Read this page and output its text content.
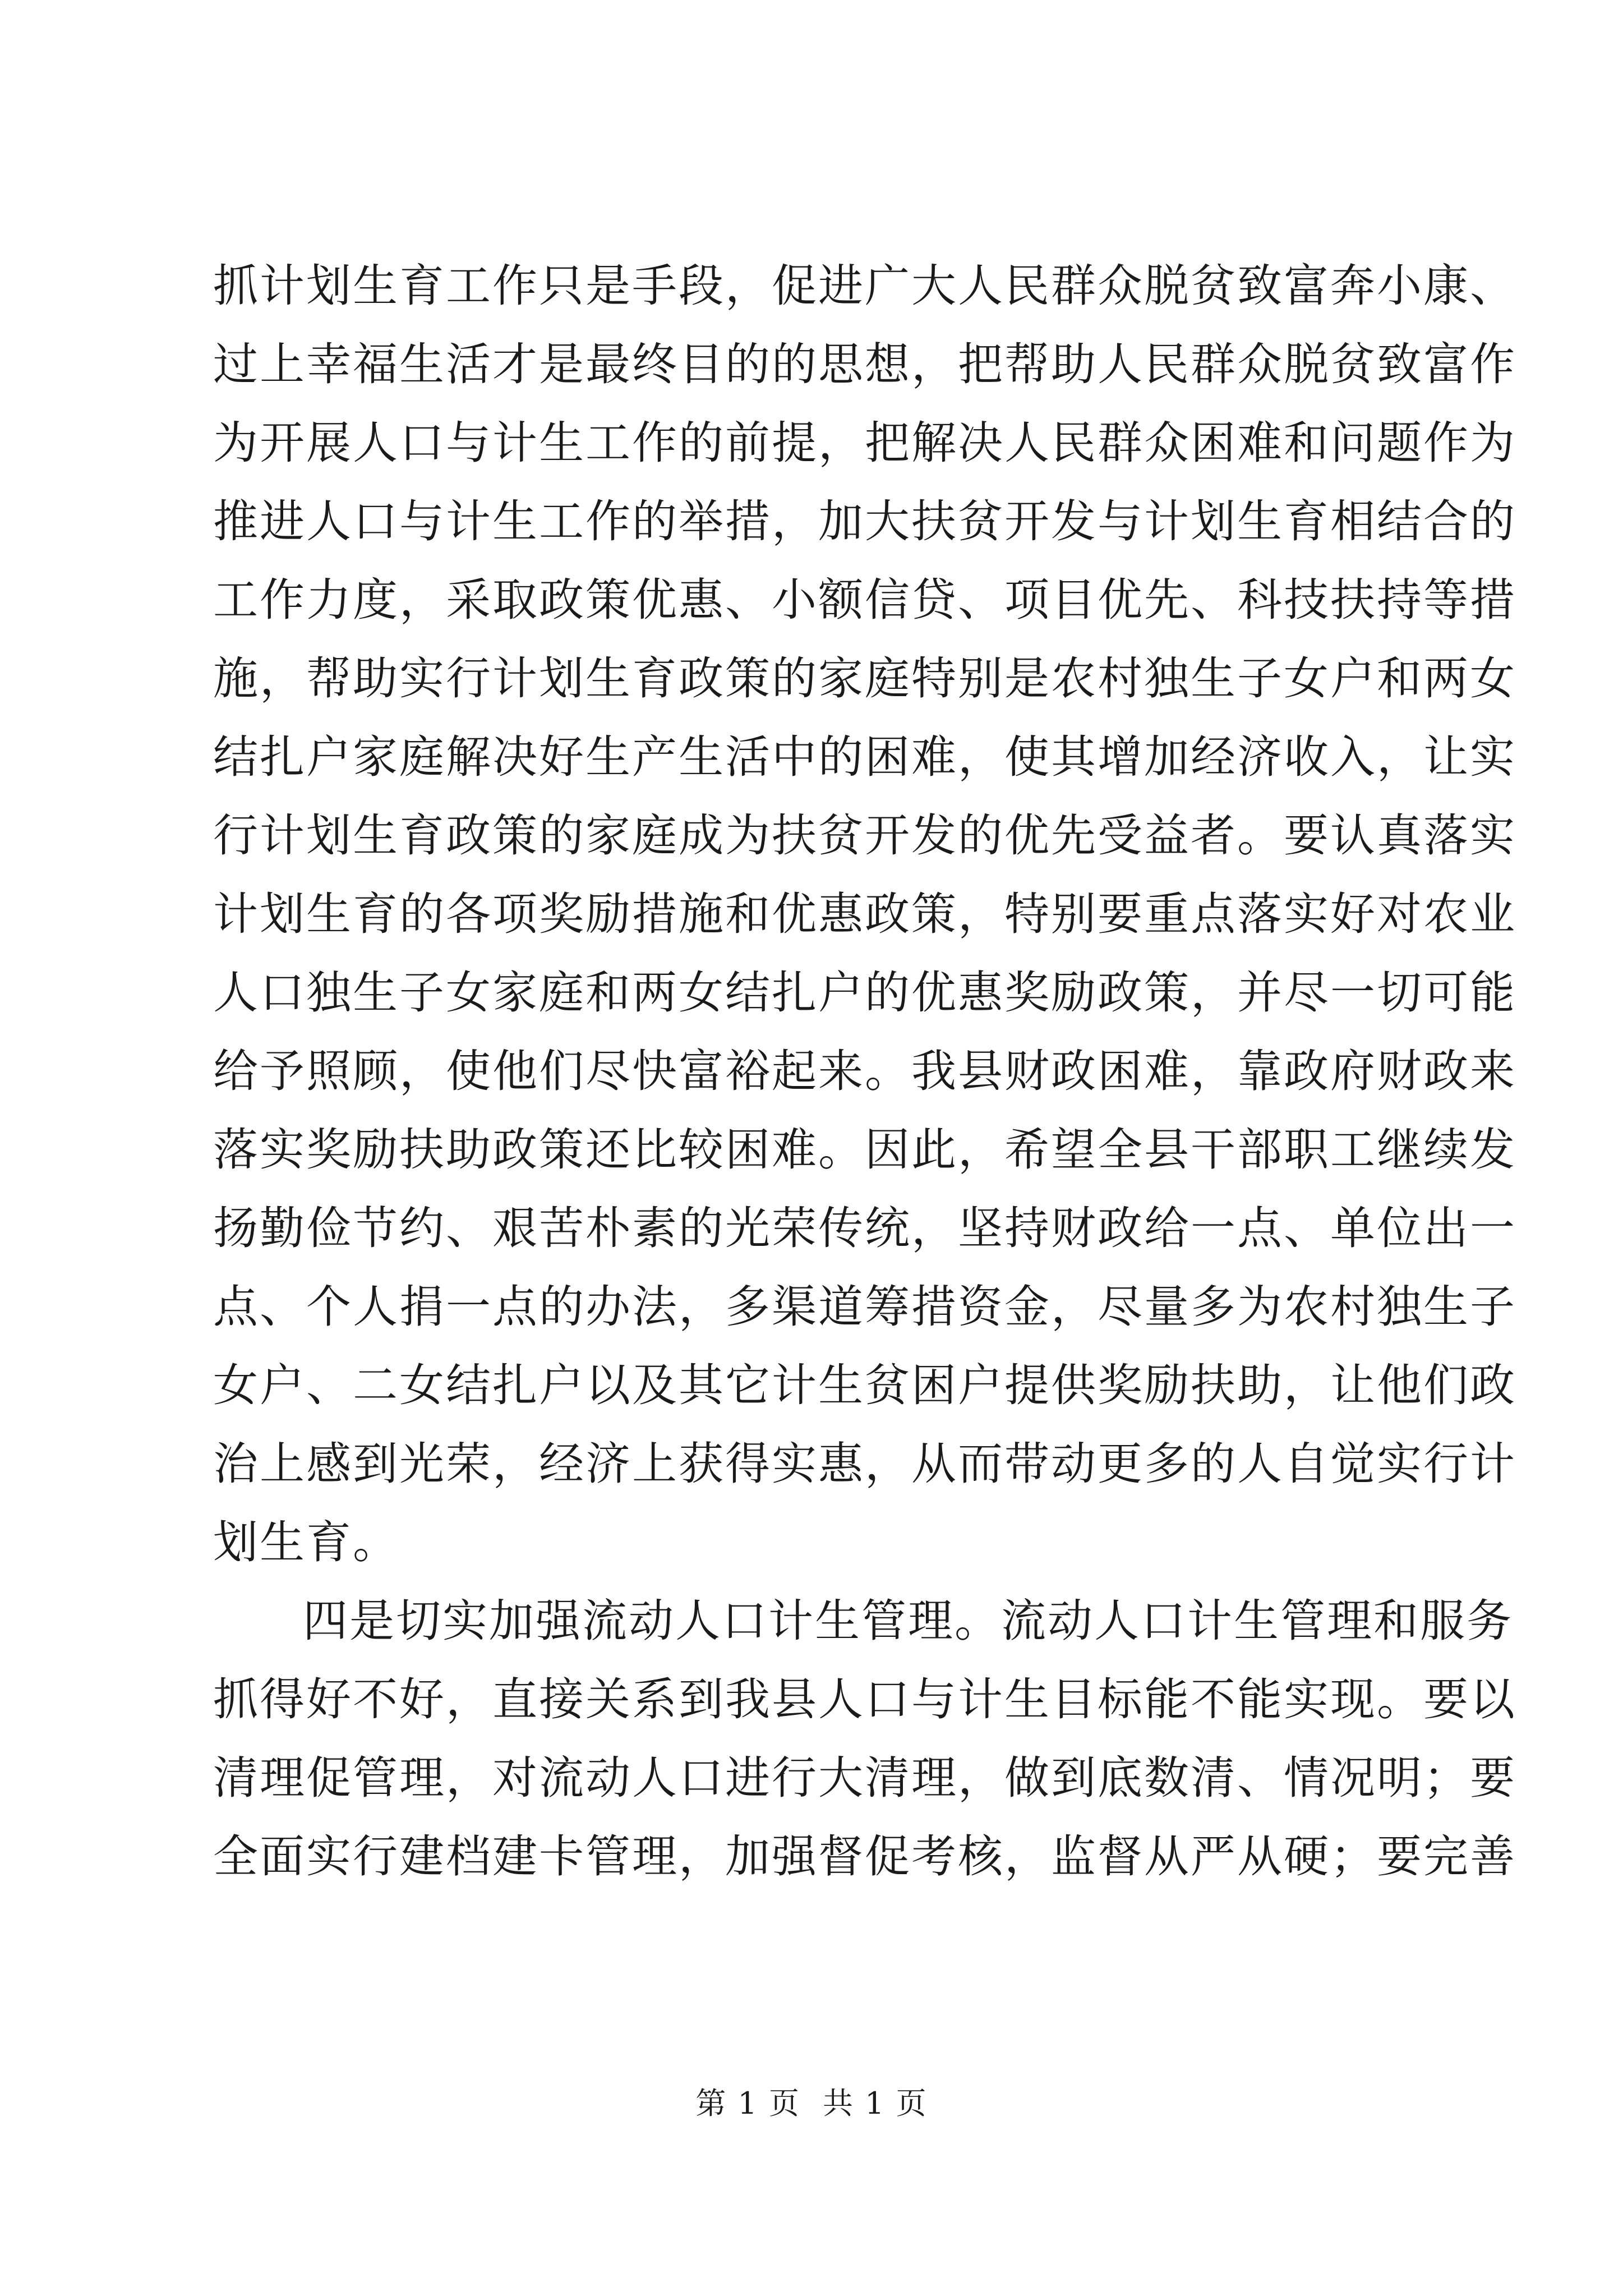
抓计划生育工作只是手段，促进广大人民群众脱贫致富奔小康、
过上幸福生活才是最终目的的思想，把帮助人民群众脱贫致富作
为开展人口与计生工作的前提，把解决人民群众困难和问题作为
推进人口与计生工作的举措，加大扶贫开发与计划生育相结合的
工作力度，采取政策优惠、小额信贷、项目优先、科技扶持等措
施，帮助实行计划生育政策的家庭特别是农村独生子女户和两女
结扎户家庭解决好生产生活中的困难，使其增加经济收入，让实
行计划生育政策的家庭成为扶贫开发的优先受益者。要认真落实
计划生育的各项奖励措施和优惠政策，特别要重点落实好对农业
人口独生子女家庭和两女结扎户的优惠奖励政策，并尽一切可能
给予照顾，使他们尽快富裕起来。我县财政困难，靠政府财政来
落实奖励扶助政策还比较困难。因此，希望全县干部职工继续发
扬勤俭节约、艰苦朴素的光荣传统，坚持财政给一点、单位出一
点、个人捐一点的办法，多渠道筹措资金，尽量多为农村独生子
女户、二女结扎户以及其它计生贫困户提供奖励扶助，让他们政
治上感到光荣，经济上获得实惠，从而带动更多的人自觉实行计
划生育。
四是切实加强流动人口计生管理。流动人口计生管理和服务
抓得好不好，直接关系到我县人口与计生目标能不能实现。要以
清理促管理，对流动人口进行大清理，做到底数清、情况明；要
全面实行建档建卡管理，加强督促考核，监督从严从硬；要完善
第 1 页 共 1 页
